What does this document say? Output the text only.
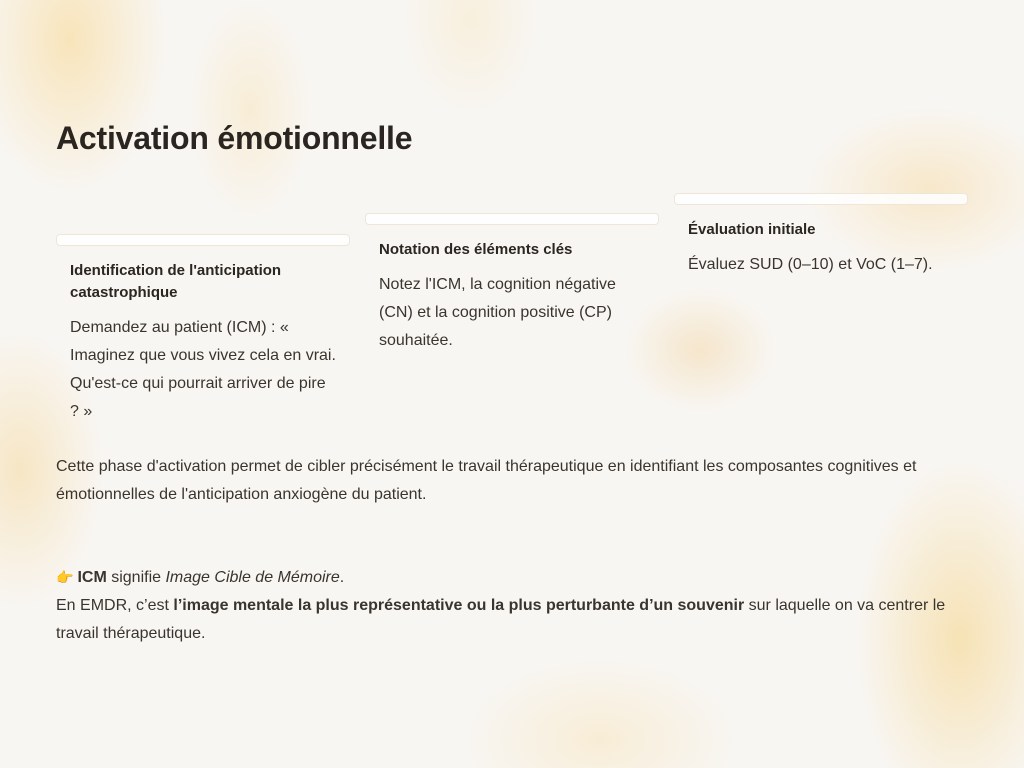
Activation émotionnelle
Identification de l'anticipation catastrophique
Demandez au patient (ICM) : « Imaginez que vous vivez cela en vrai. Qu'est-ce qui pourrait arriver de pire ? »
Notation des éléments clés
Notez l'ICM, la cognition négative (CN) et la cognition positive (CP) souhaitée.
Évaluation initiale
Évaluez SUD (0–10) et VoC (1–7).

Cette phase d'activation permet de cibler précisément le travail thérapeutique en identifiant les composantes cognitives et émotionnelles de l'anticipation anxiogène du patient.

👉 ICM signifie Image Cible de Mémoire.
En EMDR, c’est l’image mentale la plus représentative ou la plus perturbante d’un souvenir sur laquelle on va centrer le travail thérapeutique.
